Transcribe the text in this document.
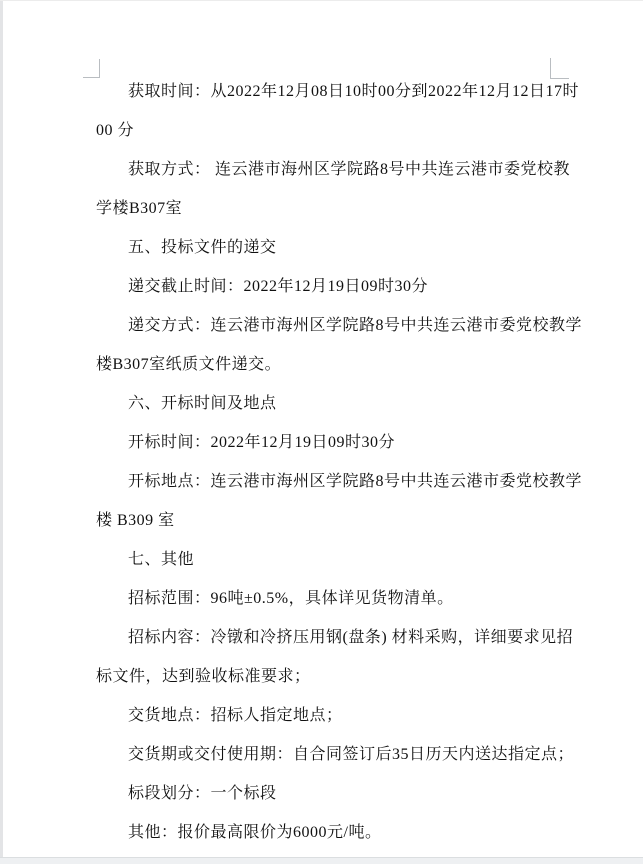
获取时间：从2022年12月08日10时00分到2022年12月12日17时
00 分
获取方式： 连云港市海州区学院路8号中共连云港市委党校教
学楼B307室
五、投标文件的递交
递交截止时间：2022年12月19日09时30分
递交方式：连云港市海州区学院路8号中共连云港市委党校教学
楼B307室纸质文件递交。
六、开标时间及地点
开标时间：2022年12月19日09时30分
开标地点：连云港市海州区学院路8号中共连云港市委党校教学
楼 B309 室
七、其他
招标范围：96吨±0.5%，具体详见货物清单。
招标内容：冷镦和冷挤压用钢(盘条) 材料采购，详细要求见招
标文件，达到验收标准要求；
交货地点：招标人指定地点；
交货期或交付使用期：自合同签订后35日历天内送达指定点；
标段划分：一个标段
其他：报价最高限价为6000元/吨。
